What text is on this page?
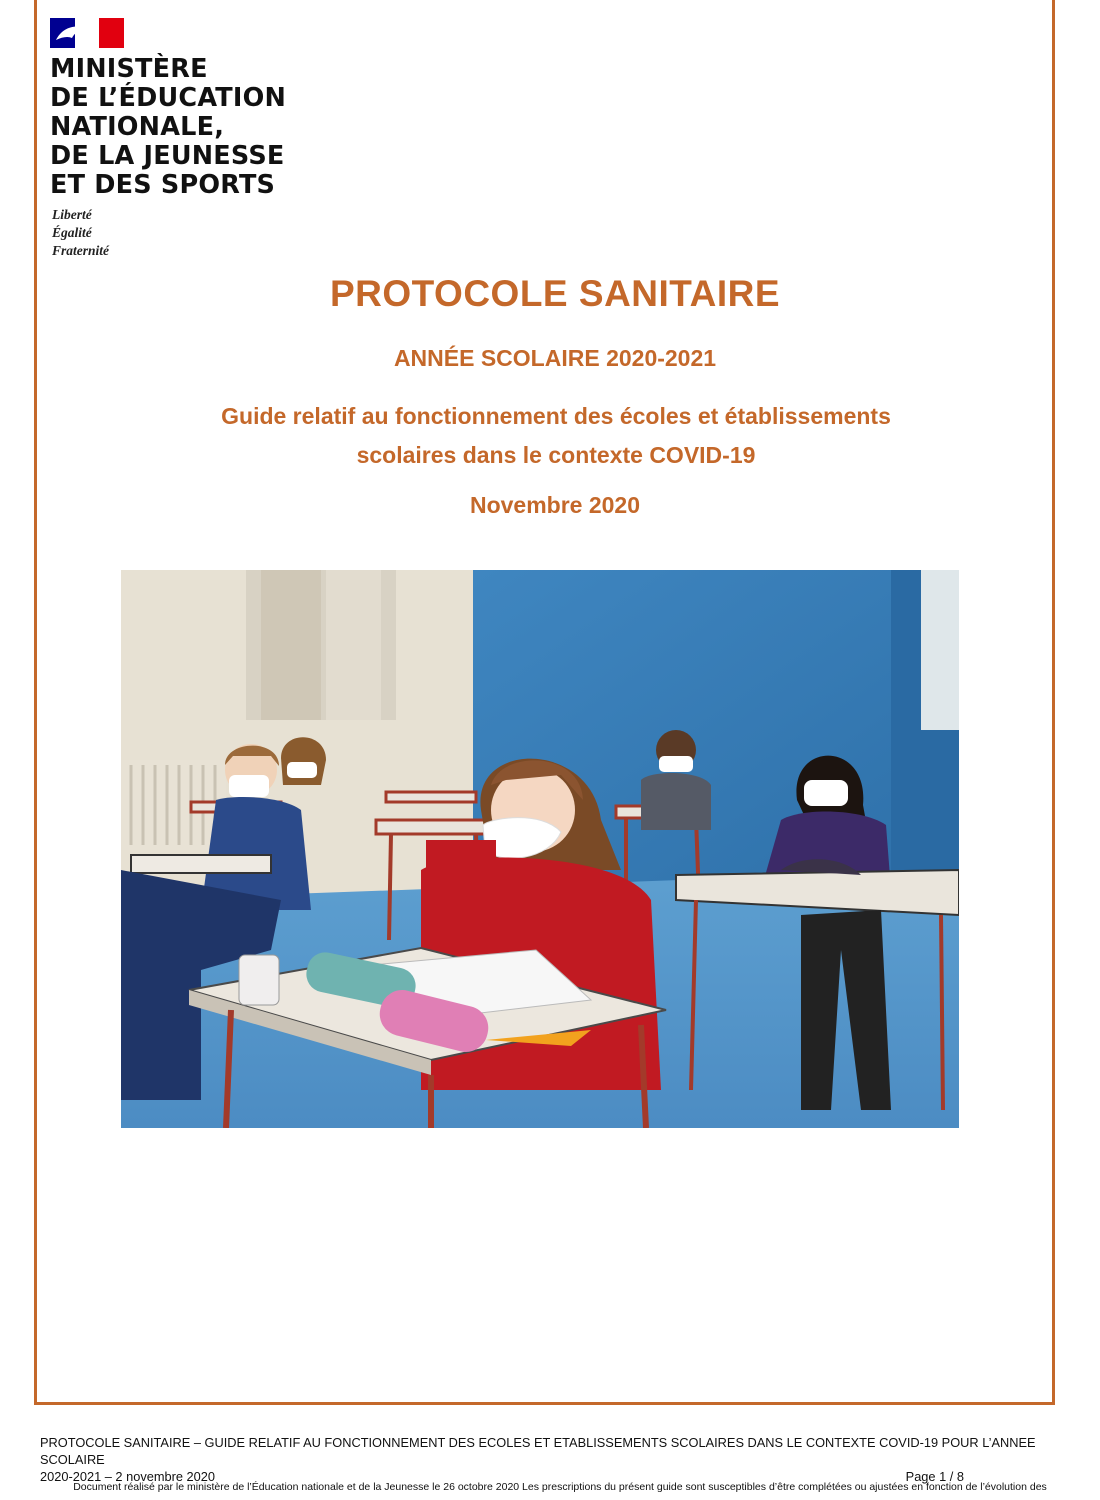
MINISTÈRE
DE L’ÉDUCATION
NATIONALE,
DE LA JEUNESSE
ET DES SPORTS
Liberté
Égalité
Fraternité
PROTOCOLE SANITAIRE
ANNÉE SCOLAIRE 2020-2021
Guide relatif au fonctionnement des écoles et établissements
scolaires dans le contexte COVID-19
Novembre 2020
PROTOCOLE SANITAIRE – GUIDE RELATIF AU FONCTIONNEMENT DES ECOLES ET ETABLISSEMENTS SCOLAIRES DANS LE CONTEXTE COVID-19 POUR L’ANNEE SCOLAIRE
2020-2021 – 2 novembre 2020	Page 1 / 8
Document réalisé par le ministère de l’Éducation nationale et de la Jeunesse le 26 octobre 2020 Les prescriptions du présent guide sont susceptibles d’être complétées ou ajustées en fonction de l’évolution des
